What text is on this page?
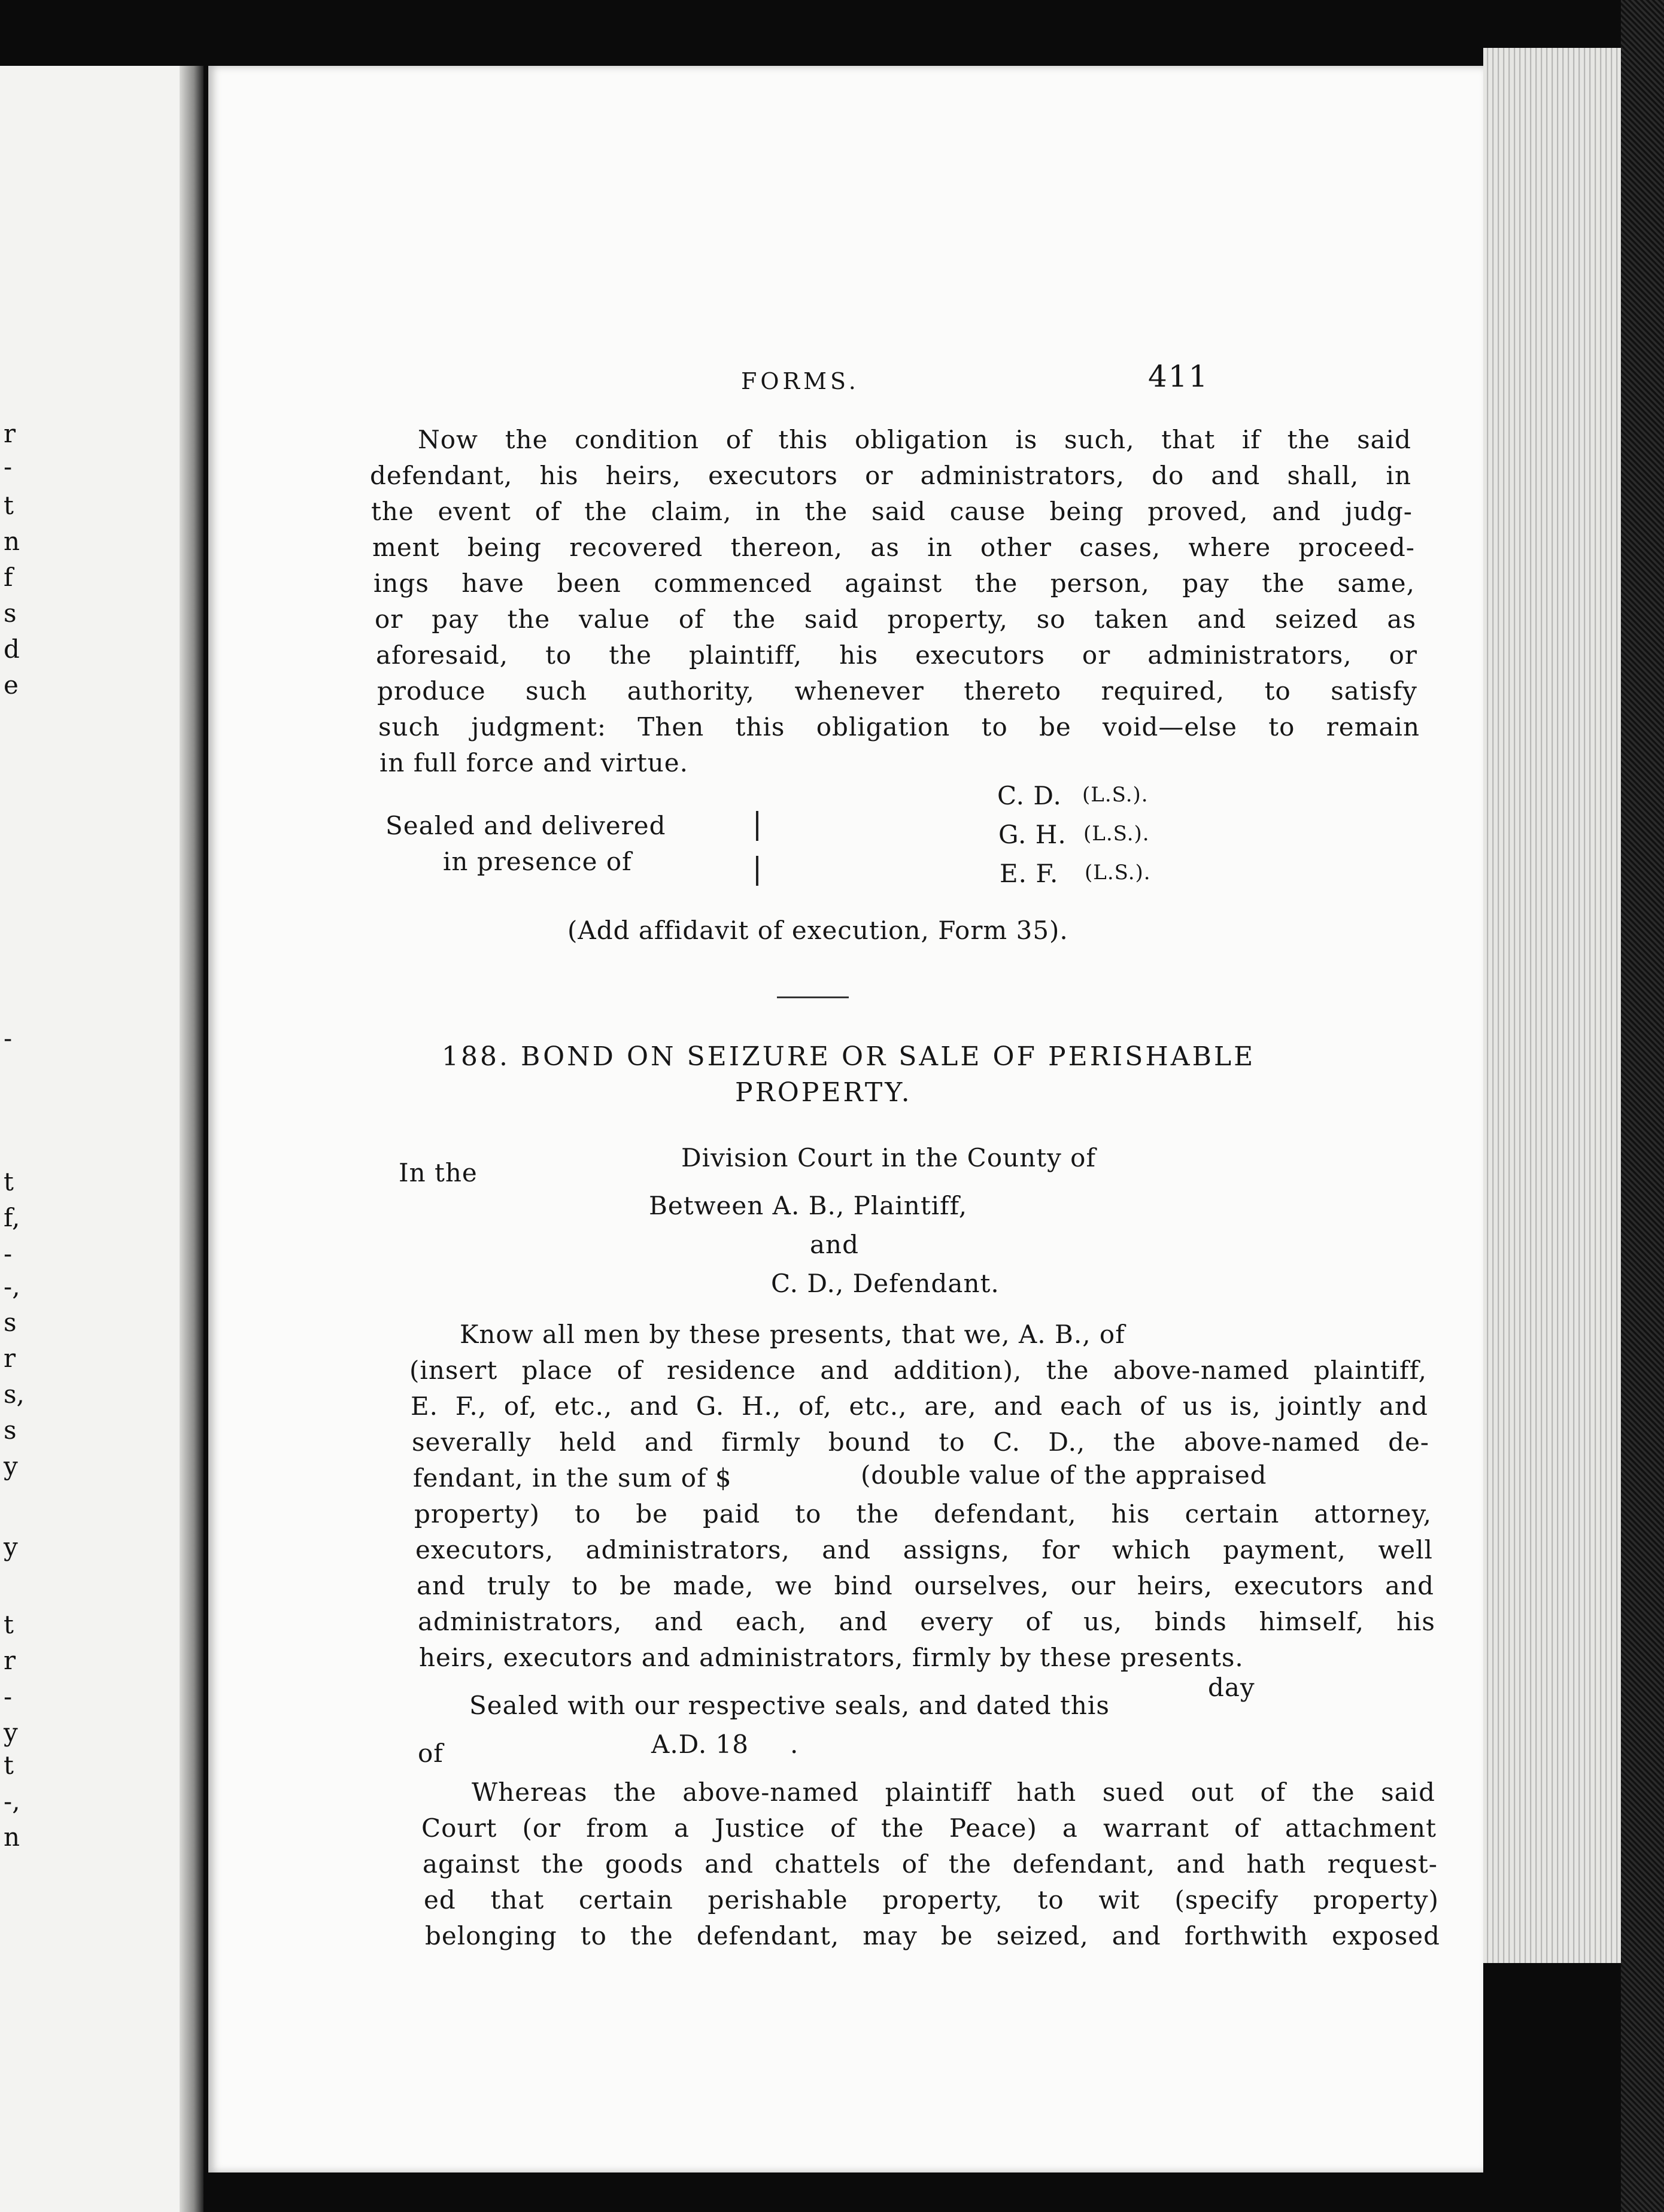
r
-
t
n
f
s
d
e
-
t
f,
-
-,
s
r
s,
s
y
y
t
r
-
y
t
-,
n
FORMS.	411
Now the condition of this obligation is such, that if the said
defendant, his heirs, executors or administrators, do and shall, in
the event of the claim, in the said cause being proved, and judg-
ment being recovered thereon, as in other cases, where proceed-
ings have been commenced against the person, pay the same,
or pay the value of the said property, so taken and seized as
aforesaid, to the plaintiff, his executors or administrators, or
produce such authority, whenever thereto required, to satisfy
such judgment: Then this obligation to be void—else to remain
in full force and virtue.
Sealed and delivered
in presence of
C. D. (L.S.).
G. H. (L.S.).
E. F. (L.S.).
(Add affidavit of execution, Form 35).
188. BOND ON SEIZURE OR SALE OF PERISHABLE
PROPERTY.
In the
Division Court in the County of
Between A. B., Plaintiff,
and
C. D., Defendant.
Know all men by these presents, that we, A. B., of
(insert place of residence and addition), the above-named plaintiff,
E. F., of, etc., and G. H., of, etc., are, and each of us is, jointly and
severally held and firmly bound to C. D., the above-named de-
fendant, in the sum of $	(double value of the appraised
property) to be paid to the defendant, his certain attorney,
executors, administrators, and assigns, for which payment, well
and truly to be made, we bind ourselves, our heirs, executors and
administrators, and each, and every of us, binds himself, his
heirs, executors and administrators, firmly by these presents.
Sealed with our respective seals, and dated this
day
of	A.D. 18 .
Whereas the above-named plaintiff hath sued out of the said
Court (or from a Justice of the Peace) a warrant of attachment
against the goods and chattels of the defendant, and hath request-
ed that certain perishable property, to wit (specify property)
belonging to the defendant, may be seized, and forthwith exposed
